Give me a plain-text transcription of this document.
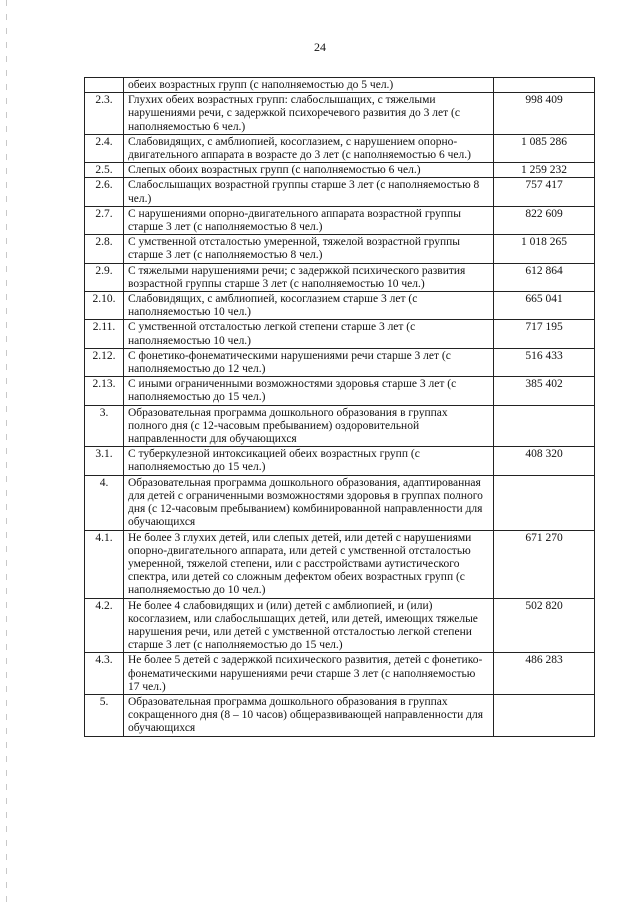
24
	обеих возрастных групп (с наполняемостью до 5 чел.)	
2.3.	Глухих обеих возрастных групп: слабослышащих, с тяжелыми нарушениями речи, с задержкой психоречевого развития до 3 лет (с наполняемостью 6 чел.)	998 409
2.4.	Слабовидящих, с амблиопией, косоглазием, с нарушением опорно-двигательного аппарата в возрасте до 3 лет (с наполняемостью 6 чел.)	1 085 286
2.5.	Слепых обоих возрастных групп (с наполняемостью 6 чел.)	1 259 232
2.6.	Слабослышащих возрастной группы старше 3 лет (с наполняемостью 8 чел.)	757 417
2.7.	С нарушениями опорно-двигательного аппарата возрастной группы старше 3 лет (с наполняемостью 8 чел.)	822 609
2.8.	С умственной отсталостью умеренной, тяжелой возрастной группы старше 3 лет (с наполняемостью 8 чел.)	1 018 265
2.9.	С тяжелыми нарушениями речи; с задержкой психического развития возрастной группы старше 3 лет (с наполняемостью 10 чел.)	612 864
2.10.	Слабовидящих, с амблиопией, косоглазием старше 3 лет (с наполняемостью 10 чел.)	665 041
2.11.	С умственной отсталостью легкой степени старше 3 лет (с наполняемостью 10 чел.)	717 195
2.12.	С фонетико-фонематическими нарушениями речи старше 3 лет (с наполняемостью до 12 чел.)	516 433
2.13.	С иными ограниченными возможностями здоровья старше 3 лет (с наполняемостью до 15 чел.)	385 402
3.	Образовательная программа дошкольного образования в группах полного дня (с 12-часовым пребыванием) оздоровительной направленности для обучающихся	
3.1.	С туберкулезной интоксикацией обеих возрастных групп (с наполняемостью до 15 чел.)	408 320
4.	Образовательная программа дошкольного образования, адаптированная для детей с ограниченными возможностями здоровья в группах полного дня (с 12-часовым пребыванием) комбинированной направленности для обучающихся	
4.1.	Не более 3 глухих детей, или слепых детей, или детей с нарушениями опорно-двигательного аппарата, или детей с умственной отсталостью умеренной, тяжелой степени, или с расстройствами аутистического спектра, или детей со сложным дефектом обеих возрастных групп (с наполняемостью до 10 чел.)	671 270
4.2.	Не более 4 слабовидящих и (или) детей с амблиопией, и (или) косоглазием, или слабослышащих детей, или детей, имеющих тяжелые нарушения речи, или детей с умственной отсталостью легкой степени старше 3 лет (с наполняемостью до 15 чел.)	502 820
4.3.	Не более 5 детей с задержкой психического развития, детей с фонетико-фонематическими нарушениями речи старше 3 лет (с наполняемостью 17 чел.)	486 283
5.	Образовательная программа дошкольного образования в группах сокращенного дня (8 – 10 часов) общеразвивающей направленности для обучающихся	
